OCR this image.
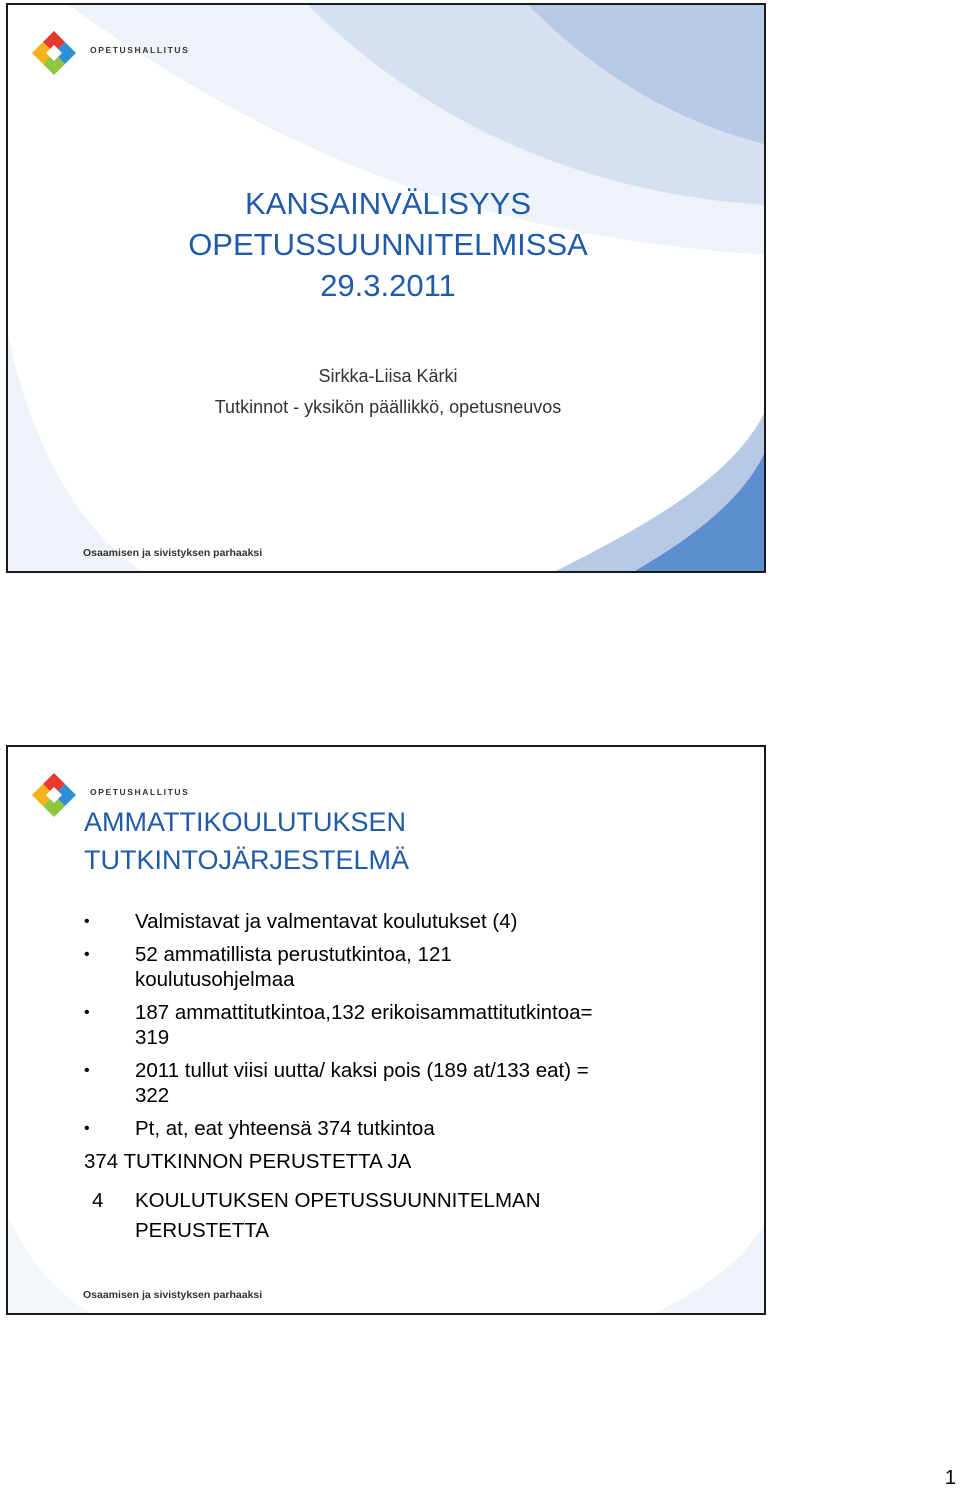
OPETUSHALLITUS
KANSAINVÄLISYYS
OPETUSSUUNNITELMISSA
29.3.2011
Sirkka-Liisa Kärki
Tutkinnot - yksikön päällikkö, opetusneuvos
Osaamisen ja sivistyksen parhaaksi
OPETUSHALLITUS
AMMATTIKOULUTUKSEN
TUTKINTOJÄRJESTELMÄ
• Valmistavat ja valmentavat koulutukset (4)
• 52 ammatillista perustutkintoa, 121
koulutusohjelmaa
• 187 ammattitutkintoa,132 erikoisammattitutkintoa=
319
• 2011 tullut viisi uutta/ kaksi pois (189 at/133 eat) =
322
• Pt, at, eat yhteensä 374 tutkintoa
374 TUTKINNON PERUSTETTA JA
4 KOULUTUKSEN OPETUSSUUNNITELMAN
PERUSTETTA
Osaamisen ja sivistyksen parhaaksi
1
